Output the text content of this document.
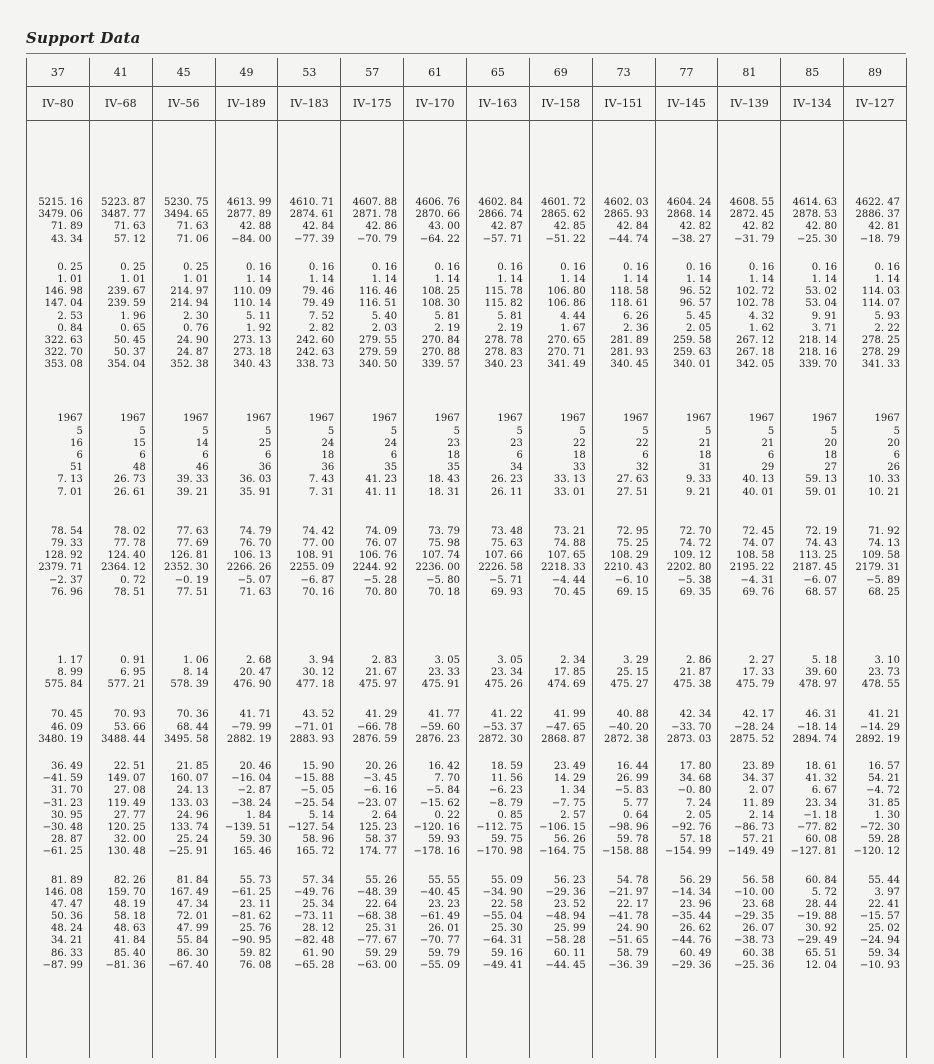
Support Data
37
IV–80
5215. 16
3479. 06
71. 89
43. 34
0. 25
1. 01
146. 98
147. 04
2. 53
0. 84
322. 63
322. 70
353. 08
1967
5
16
6
51
7. 13
7. 01
78. 54
79. 33
128. 92
2379. 71
−2. 37
76. 96
1. 17
8. 99
575. 84
70. 45
46. 09
3480. 19
36. 49
−41. 59
31. 70
−31. 23
30. 95
−30. 48
28. 87
−61. 25
81. 89
146. 08
47. 47
50. 36
48. 24
34. 21
86. 33
−87. 99
41
IV–68
5223. 87
3487. 77
71. 63
57. 12
0. 25
1. 01
239. 67
239. 59
1. 96
0. 65
50. 45
50. 37
354. 04
1967
5
15
6
48
26. 73
26. 61
78. 02
77. 78
124. 40
2364. 12
0. 72
78. 51
0. 91
6. 95
577. 21
70. 93
53. 66
3488. 44
22. 51
149. 07
27. 08
119. 49
27. 77
120. 25
32. 00
130. 48
82. 26
159. 70
48. 19
58. 18
48. 63
41. 84
85. 40
−81. 36
45
IV–56
5230. 75
3494. 65
71. 63
71. 06
0. 25
1. 01
214. 97
214. 94
2. 30
0. 76
24. 90
24. 87
352. 38
1967
5
14
6
46
39. 33
39. 21
77. 63
77. 69
126. 81
2352. 30
−0. 19
77. 51
1. 06
8. 14
578. 39
70. 36
68. 44
3495. 58
21. 85
160. 07
24. 13
133. 03
24. 96
133. 74
25. 24
−25. 91
81. 84
167. 49
47. 34
72. 01
47. 99
55. 84
86. 30
−67. 40
49
IV–189
4613. 99
2877. 89
42. 88
−84. 00
0. 16
1. 14
110. 09
110. 14
5. 11
1. 92
273. 13
273. 18
340. 43
1967
5
25
6
36
36. 03
35. 91
74. 79
76. 70
106. 13
2266. 26
−5. 07
71. 63
2. 68
20. 47
476. 90
41. 71
−79. 99
2882. 19
20. 46
−16. 04
−2. 87
−38. 24
1. 84
−139. 51
59. 30
165. 46
55. 73
−61. 25
23. 11
−81. 62
25. 76
−90. 95
59. 82
76. 08
53
IV–183
4610. 71
2874. 61
42. 84
−77. 39
0. 16
1. 14
79. 46
79. 49
7. 52
2. 82
242. 60
242. 63
338. 73
1967
5
24
18
36
7. 43
7. 31
74. 42
77. 00
108. 91
2255. 09
−6. 87
70. 16
3. 94
30. 12
477. 18
43. 52
−71. 01
2883. 93
15. 90
−15. 88
−5. 05
−25. 54
5. 14
−127. 54
58. 96
165. 72
57. 34
−49. 76
25. 34
−73. 11
28. 12
−82. 48
61. 90
−65. 28
57
IV–175
4607. 88
2871. 78
42. 86
−70. 79
0. 16
1. 14
116. 46
116. 51
5. 40
2. 03
279. 55
279. 59
340. 50
1967
5
24
6
35
41. 23
41. 11
74. 09
76. 07
106. 76
2244. 92
−5. 28
70. 80
2. 83
21. 67
475. 97
41. 29
−66. 78
2876. 59
20. 26
−3. 45
−6. 16
−23. 07
2. 64
125. 23
58. 37
174. 77
55. 26
−48. 39
22. 64
−68. 38
25. 31
−77. 67
59. 29
−63. 00
61
IV–170
4606. 76
2870. 66
43. 00
−64. 22
0. 16
1. 14
108. 25
108. 30
5. 81
2. 19
270. 84
270. 88
339. 57
1967
5
23
18
35
18. 43
18. 31
73. 79
75. 98
107. 74
2236. 00
−5. 80
70. 18
3. 05
23. 33
475. 91
41. 77
−59. 60
2876. 23
16. 42
7. 70
−5. 84
−15. 62
0. 22
−120. 16
59. 93
−178. 16
55. 55
−40. 45
23. 23
−61. 49
26. 01
−70. 77
59. 79
−55. 09
65
IV–163
4602. 84
2866. 74
42. 87
−57. 71
0. 16
1. 14
115. 78
115. 82
5. 81
2. 19
278. 78
278. 83
340. 23
1967
5
23
6
34
26. 23
26. 11
73. 48
75. 63
107. 66
2226. 58
−5. 71
69. 93
3. 05
23. 34
475. 26
41. 22
−53. 37
2872. 30
18. 59
11. 56
−6. 23
−8. 79
0. 85
−112. 75
59. 75
−170. 98
55. 09
−34. 90
22. 58
−55. 04
25. 30
−64. 31
59. 16
−49. 41
69
IV–158
4601. 72
2865. 62
42. 85
−51. 22
0. 16
1. 14
106. 80
106. 86
4. 44
1. 67
270. 65
270. 71
341. 49
1967
5
22
18
33
33. 13
33. 01
73. 21
74. 88
107. 65
2218. 33
−4. 44
70. 45
2. 34
17. 85
474. 69
41. 99
−47. 65
2868. 87
23. 49
14. 29
1. 34
−7. 75
2. 57
−106. 15
56. 26
−164. 75
56. 23
−29. 36
23. 52
−48. 94
25. 99
−58. 28
60. 11
−44. 45
73
IV–151
4602. 03
2865. 93
42. 84
−44. 74
0. 16
1. 14
118. 58
118. 61
6. 26
2. 36
281. 89
281. 93
340. 45
1967
5
22
6
32
27. 63
27. 51
72. 95
75. 25
108. 29
2210. 43
−6. 10
69. 15
3. 29
25. 15
475. 27
40. 88
−40. 20
2872. 38
16. 44
26. 99
−5. 83
5. 77
0. 64
−98. 96
59. 78
−158. 88
54. 78
−21. 97
22. 17
−41. 78
24. 90
−51. 65
58. 79
−36. 39
77
IV–145
4604. 24
2868. 14
42. 82
−38. 27
0. 16
1. 14
96. 52
96. 57
5. 45
2. 05
259. 58
259. 63
340. 01
1967
5
21
18
31
9. 33
9. 21
72. 70
74. 72
109. 12
2202. 80
−5. 38
69. 35
2. 86
21. 87
475. 38
42. 34
−33. 70
2873. 03
17. 80
34. 68
−0. 80
7. 24
2. 05
−92. 76
57. 18
−154. 99
56. 29
−14. 34
23. 96
−35. 44
26. 62
−44. 76
60. 49
−29. 36
81
IV–139
4608. 55
2872. 45
42. 82
−31. 79
0. 16
1. 14
102. 72
102. 78
4. 32
1. 62
267. 12
267. 18
342. 05
1967
5
21
6
29
40. 13
40. 01
72. 45
74. 07
108. 58
2195. 22
−4. 31
69. 76
2. 27
17. 33
475. 79
42. 17
−28. 24
2875. 52
23. 89
34. 37
2. 07
11. 89
2. 14
−86. 73
57. 21
−149. 49
56. 58
−10. 00
23. 68
−29. 35
26. 07
−38. 73
60. 38
−25. 36
85
IV–134
4614. 63
2878. 53
42. 80
−25. 30
0. 16
1. 14
53. 02
53. 04
9. 91
3. 71
218. 14
218. 16
339. 70
1967
5
20
18
27
59. 13
59. 01
72. 19
74. 43
113. 25
2187. 45
−6. 07
68. 57
5. 18
39. 60
478. 97
46. 31
−18. 14
2894. 74
18. 61
41. 32
6. 67
23. 34
−1. 18
−77. 82
60. 08
−127. 81
60. 84
5. 72
28. 44
−19. 88
30. 92
−29. 49
65. 51
12. 04
89
IV–127
4622. 47
2886. 37
42. 81
−18. 79
0. 16
1. 14
114. 03
114. 07
5. 93
2. 22
278. 25
278. 29
341. 33
1967
5
20
6
26
10. 33
10. 21
71. 92
74. 13
109. 58
2179. 31
−5. 89
68. 25
3. 10
23. 73
478. 55
41. 21
−14. 29
2892. 19
16. 57
54. 21
−4. 72
31. 85
1. 30
−72. 30
59. 28
−120. 12
55. 44
3. 97
22. 41
−15. 57
25. 02
−24. 94
59. 34
−10. 93
